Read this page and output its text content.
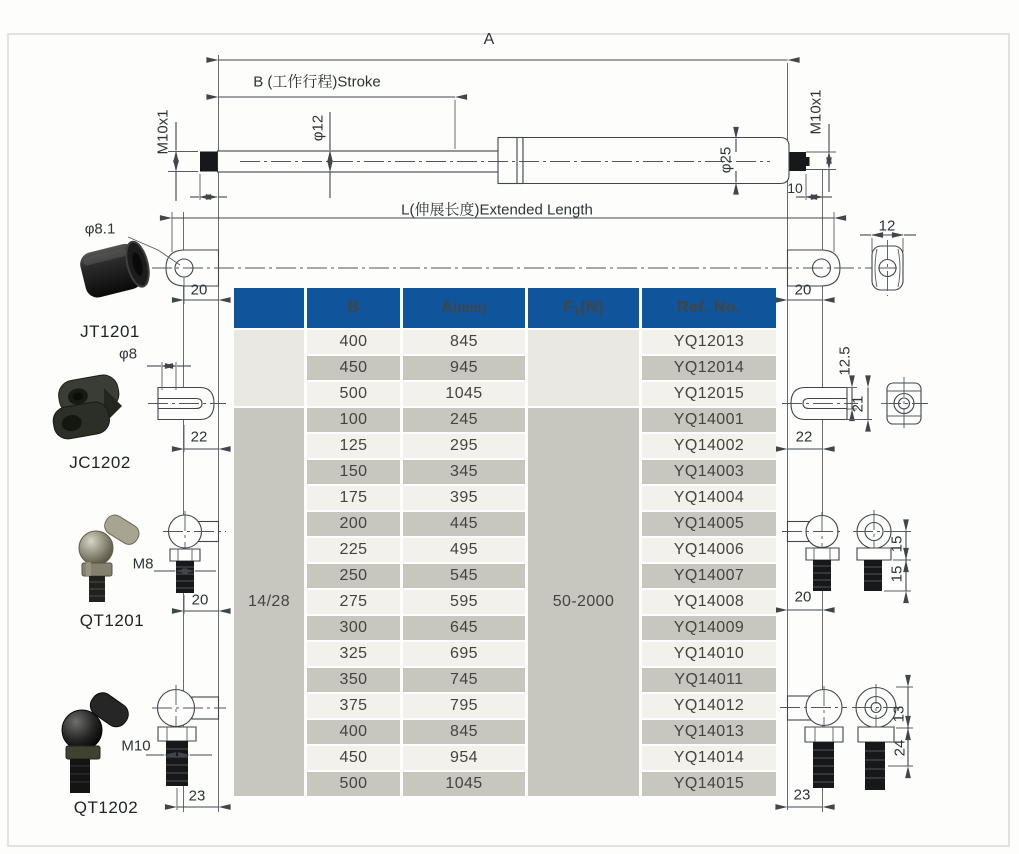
A
B (工作行程)Stroke
L(伸展长度)Extended Length
φ12
φ25
M10x1	M10x1
10
20	20
12
φ8.1
JT1201
φ8
JC1202
22
M8
20
QT1201
M10
23
QT1202
12.5
21
22
20
15
15
23
13
24
	B	A(min)	F1(N)	Ref. No.
	400	845		YQ12013
	450	945		YQ12014
	500	1045		YQ12015
14/28	100	245	50-2000	YQ14001
	125	295		YQ14002
	150	345		YQ14003
	175	395		YQ14004
	200	445		YQ14005
	225	495		YQ14006
	250	545		YQ14007
	275	595		YQ14008
	300	645		YQ14009
	325	695		YQ14010
	350	745		YQ14011
	375	795		YQ14012
	400	845		YQ14013
	450	954		YQ14014
	500	1045		YQ14015
